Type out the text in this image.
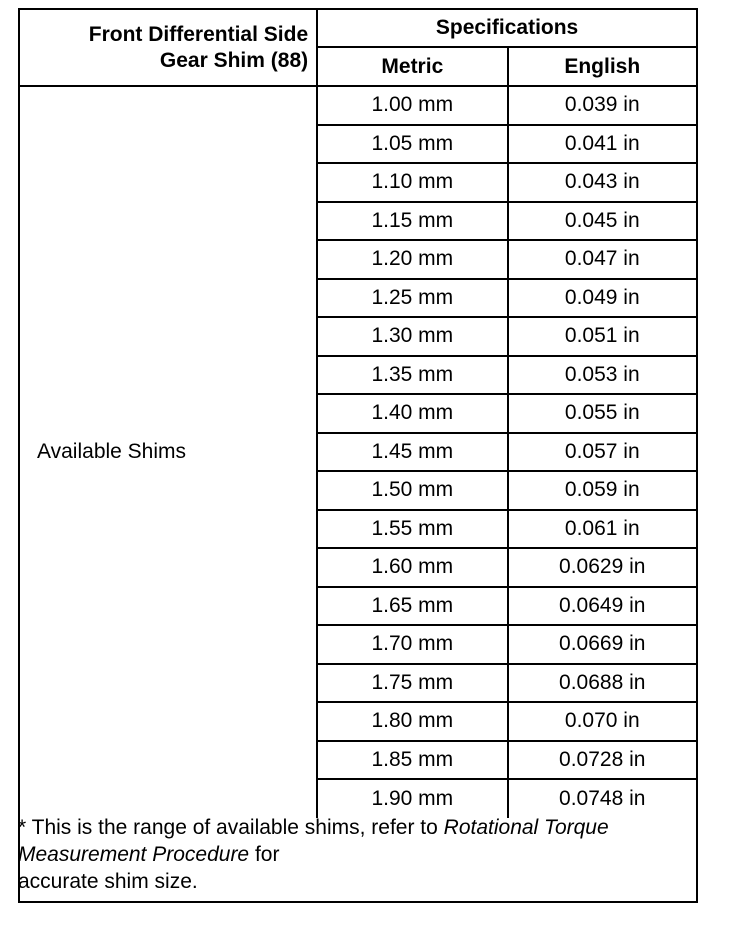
Front Differential Side
Gear Shim (88)	Specifications	
	Metric	English
Available Shims	1.00 mm	0.039 in
	1.05 mm	0.041 in
	1.10 mm	0.043 in
	1.15 mm	0.045 in
	1.20 mm	0.047 in
	1.25 mm	0.049 in
	1.30 mm	0.051 in
	1.35 mm	0.053 in
	1.40 mm	0.055 in
	1.45 mm	0.057 in
	1.50 mm	0.059 in
	1.55 mm	0.061 in
	1.60 mm	0.0629 in
	1.65 mm	0.0649 in
	1.70 mm	0.0669 in
	1.75 mm	0.0688 in
	1.80 mm	0.070 in
	1.85 mm	0.0728 in
	1.90 mm	0.0748 in
* This is the range of available shims, refer to Rotational Torque Measurement Procedure for
accurate shim size.
